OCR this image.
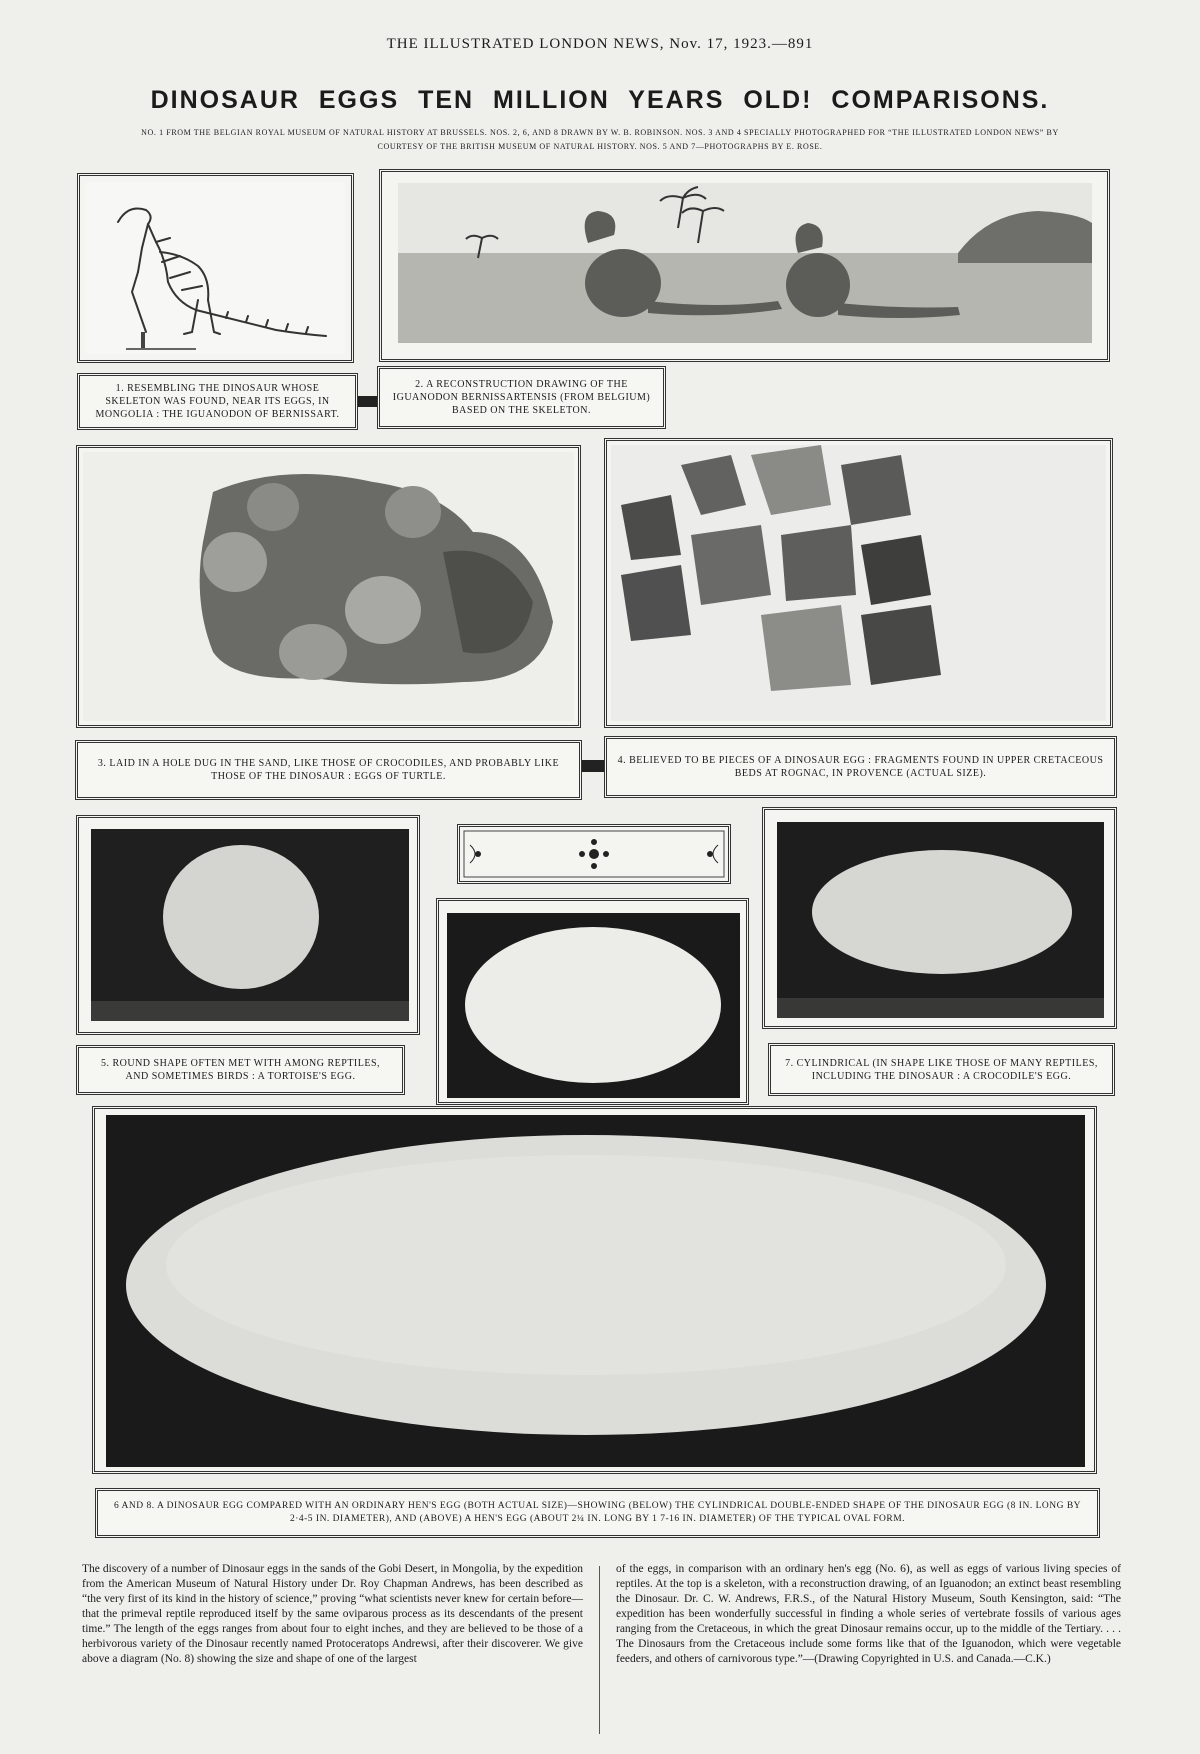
THE ILLUSTRATED LONDON NEWS, Nov. 17, 1923.—891
DINOSAUR EGGS TEN MILLION YEARS OLD! COMPARISONS.
NO. 1 FROM THE BELGIAN ROYAL MUSEUM OF NATURAL HISTORY AT BRUSSELS. NOS. 2, 6, AND 8 DRAWN BY W. B. ROBINSON. NOS. 3 AND 4 SPECIALLY PHOTOGRAPHED FOR “THE ILLUSTRATED LONDON NEWS” BY COURTESY OF THE BRITISH MUSEUM OF NATURAL HISTORY. NOS. 5 AND 7—PHOTOGRAPHS BY E. ROSE.
1. RESEMBLING THE DINOSAUR WHOSE SKELETON WAS FOUND, NEAR ITS EGGS, IN MONGOLIA : THE IGUANODON OF BERNISSART.
2. A RECONSTRUCTION DRAWING OF THE IGUANODON BERNISSARTENSIS (FROM BELGIUM) BASED ON THE SKELETON.
3. LAID IN A HOLE DUG IN THE SAND, LIKE THOSE OF CROCODILES, AND PROBABLY LIKE THOSE OF THE DINOSAUR : EGGS OF TURTLE.
4. BELIEVED TO BE PIECES OF A DINOSAUR EGG : FRAGMENTS FOUND IN UPPER CRETACEOUS BEDS AT ROGNAC, IN PROVENCE (ACTUAL SIZE).
5. ROUND SHAPE OFTEN MET WITH AMONG REPTILES, AND SOMETIMES BIRDS : A TORTOISE'S EGG.
7. CYLINDRICAL (IN SHAPE LIKE THOSE OF MANY REPTILES, INCLUDING THE DINOSAUR : A CROCODILE'S EGG.
6 AND 8. A DINOSAUR EGG COMPARED WITH AN ORDINARY HEN'S EGG (BOTH ACTUAL SIZE)—SHOWING (BELOW) THE CYLINDRICAL DOUBLE-ENDED SHAPE OF THE DINOSAUR EGG (8 IN. LONG BY 2·4-5 IN. DIAMETER), AND (ABOVE) A HEN'S EGG (ABOUT 2¼ IN. LONG BY 1 7-16 IN. DIAMETER) OF THE TYPICAL OVAL FORM.
The discovery of a number of Dinosaur eggs in the sands of the Gobi Desert, in Mongolia, by the expedition from the American Museum of Natural History under Dr. Roy Chapman Andrews, has been described as “the very first of its kind in the history of science,” proving “what scientists never knew for certain before—that the primeval reptile reproduced itself by the same oviparous process as its descendants of the present time.” The length of the eggs ranges from about four to eight inches, and they are believed to be those of a herbivorous variety of the Dinosaur recently named Protoceratops Andrewsi, after their discoverer. We give above a diagram (No. 8) showing the size and shape of one of the largest
of the eggs, in comparison with an ordinary hen's egg (No. 6), as well as eggs of various living species of reptiles. At the top is a skeleton, with a reconstruction drawing, of an Iguanodon; an extinct beast resembling the Dinosaur. Dr. C. W. Andrews, F.R.S., of the Natural History Museum, South Kensington, said: “The expedition has been wonderfully successful in finding a whole series of vertebrate fossils of various ages ranging from the Cretaceous, in which the great Dinosaur remains occur, up to the middle of the Tertiary. . . . The Dinosaurs from the Cretaceous include some forms like that of the Iguanodon, which were vegetable feeders, and others of carnivorous type.”—(Drawing Copyrighted in U.S. and Canada.—C.K.)
